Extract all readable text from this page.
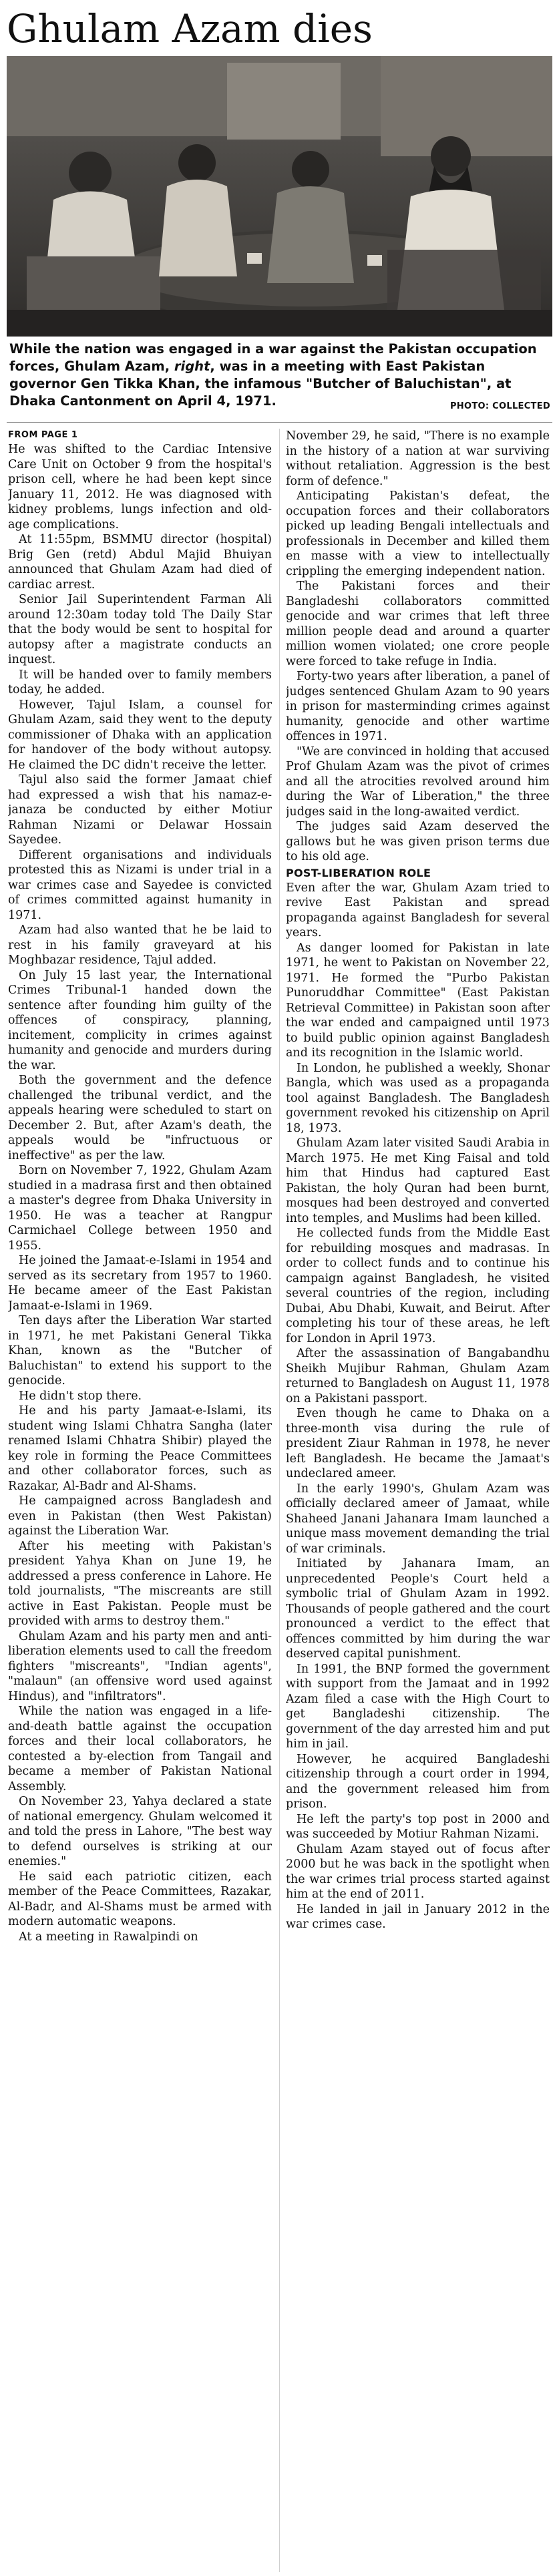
Ghulam Azam dies

While the nation was engaged in a war against the Pakistan occupation forces, Ghulam Azam, right, was in a meeting with East Pakistan governor Gen Tikka Khan, the infamous "Butcher of Baluchistan", at Dhaka Cantonment on April 4, 1971.	PHOTO: COLLECTED

FROM PAGE 1

He was shifted to the Cardiac Intensive Care Unit on October 9 from the hospital's prison cell, where he had been kept since January 11, 2012. He was diagnosed with kidney problems, lungs infection and old-age complications.

At 11:55pm, BSMMU director (hospital) Brig Gen (retd) Abdul Majid Bhuiyan announced that Ghulam Azam had died of cardiac arrest.

Senior Jail Superintendent Farman Ali around 12:30am today told The Daily Star that the body would be sent to hospital for autopsy after a magistrate conducts an inquest.

It will be handed over to family members today, he added.

However, Tajul Islam, a counsel for Ghulam Azam, said they went to the deputy commissioner of Dhaka with an application for handover of the body without autopsy. He claimed the DC didn't receive the letter.

Tajul also said the former Jamaat chief had expressed a wish that his namaz-e-janaza be conducted by either Motiur Rahman Nizami or Delawar Hossain Sayedee.

Different organisations and individuals protested this as Nizami is under trial in a war crimes case and Sayedee is convicted of crimes committed against humanity in 1971.

Azam had also wanted that he be laid to rest in his family graveyard at his Moghbazar residence, Tajul added.

On July 15 last year, the International Crimes Tribunal-1 handed down the sentence after founding him guilty of the offences of conspiracy, planning, incitement, complicity in crimes against humanity and genocide and murders during the war.

Both the government and the defence challenged the tribunal verdict, and the appeals hearing were scheduled to start on December 2. But, after Azam's death, the appeals would be "infructuous or ineffective" as per the law.

Born on November 7, 1922, Ghulam Azam studied in a madrasa first and then obtained a master's degree from Dhaka University in 1950. He was a teacher at Rangpur Carmichael College between 1950 and 1955.

He joined the Jamaat-e-Islami in 1954 and served as its secretary from 1957 to 1960. He became ameer of the East Pakistan Jamaat-e-Islami in 1969.

Ten days after the Liberation War started in 1971, he met Pakistani General Tikka Khan, known as the "Butcher of Baluchistan" to extend his support to the genocide.

He didn't stop there.

He and his party Jamaat-e-Islami, its student wing Islami Chhatra Sangha (later renamed Islami Chhatra Shibir) played the key role in forming the Peace Committees and other collaborator forces, such as Razakar, Al-Badr and Al-Shams.

He campaigned across Bangladesh and even in Pakistan (then West Pakistan) against the Liberation War.

After his meeting with Pakistan's president Yahya Khan on June 19, he addressed a press conference in Lahore. He told journalists, "The miscreants are still active in East Pakistan. People must be provided with arms to destroy them."

Ghulam Azam and his party men and anti-liberation elements used to call the freedom fighters "miscreants", "Indian agents", "malaun" (an offensive word used against Hindus), and "infiltrators".

While the nation was engaged in a life-and-death battle against the occupation forces and their local collaborators, he contested a by-election from Tangail and became a member of Pakistan National Assembly.

On November 23, Yahya declared a state of national emergency. Ghulam welcomed it and told the press in Lahore, "The best way to defend ourselves is striking at our enemies."

He said each patriotic citizen, each member of the Peace Committees, Razakar, Al-Badr, and Al-Shams must be armed with modern automatic weapons.

At a meeting in Rawalpindi on

November 29, he said, "There is no example in the history of a nation at war surviving without retaliation. Aggression is the best form of defence."

Anticipating Pakistan's defeat, the occupation forces and their collaborators picked up leading Bengali intellectuals and professionals in December and killed them en masse with a view to intellectually crippling the emerging independent nation.

The Pakistani forces and their Bangladeshi collaborators committed genocide and war crimes that left three million people dead and around a quarter million women violated; one crore people were forced to take refuge in India.

Forty-two years after liberation, a panel of judges sentenced Ghulam Azam to 90 years in prison for masterminding crimes against humanity, genocide and other wartime offences in 1971.

"We are convinced in holding that accused Prof Ghulam Azam was the pivot of crimes and all the atrocities revolved around him during the War of Liberation," the three judges said in the long-awaited verdict.

The judges said Azam deserved the gallows but he was given prison terms due to his old age.

POST-LIBERATION ROLE

Even after the war, Ghulam Azam tried to revive East Pakistan and spread propaganda against Bangladesh for several years.

As danger loomed for Pakistan in late 1971, he went to Pakistan on November 22, 1971. He formed the "Purbo Pakistan Punoruddhar Committee" (East Pakistan Retrieval Committee) in Pakistan soon after the war ended and campaigned until 1973 to build public opinion against Bangladesh and its recognition in the Islamic world.

In London, he published a weekly, Shonar Bangla, which was used as a propaganda tool against Bangladesh. The Bangladesh government revoked his citizenship on April 18, 1973.

Ghulam Azam later visited Saudi Arabia in March 1975. He met King Faisal and told him that Hindus had captured East Pakistan, the holy Quran had been burnt, mosques had been destroyed and converted into temples, and Muslims had been killed.

He collected funds from the Middle East for rebuilding mosques and madrasas. In order to collect funds and to continue his campaign against Bangladesh, he visited several countries of the region, including Dubai, Abu Dhabi, Kuwait, and Beirut. After completing his tour of these areas, he left for London in April 1973.

After the assassination of Bangabandhu Sheikh Mujibur Rahman, Ghulam Azam returned to Bangladesh on August 11, 1978 on a Pakistani passport.

Even though he came to Dhaka on a three-month visa during the rule of president Ziaur Rahman in 1978, he never left Bangladesh. He became the Jamaat's undeclared ameer.

In the early 1990's, Ghulam Azam was officially declared ameer of Jamaat, while Shaheed Janani Jahanara Imam launched a unique mass movement demanding the trial of war criminals.

Initiated by Jahanara Imam, an unprecedented People's Court held a symbolic trial of Ghulam Azam in 1992. Thousands of people gathered and the court pronounced a verdict to the effect that offences committed by him during the war deserved capital punishment.

In 1991, the BNP formed the government with support from the Jamaat and in 1992 Azam filed a case with the High Court to get Bangladeshi citizenship. The government of the day arrested him and put him in jail.

However, he acquired Bangladeshi citizenship through a court order in 1994, and the government released him from prison.

He left the party's top post in 2000 and was succeeded by Motiur Rahman Nizami.

Ghulam Azam stayed out of focus after 2000 but he was back in the spotlight when the war crimes trial process started against him at the end of 2011.

He landed in jail in January 2012 in the war crimes case.
